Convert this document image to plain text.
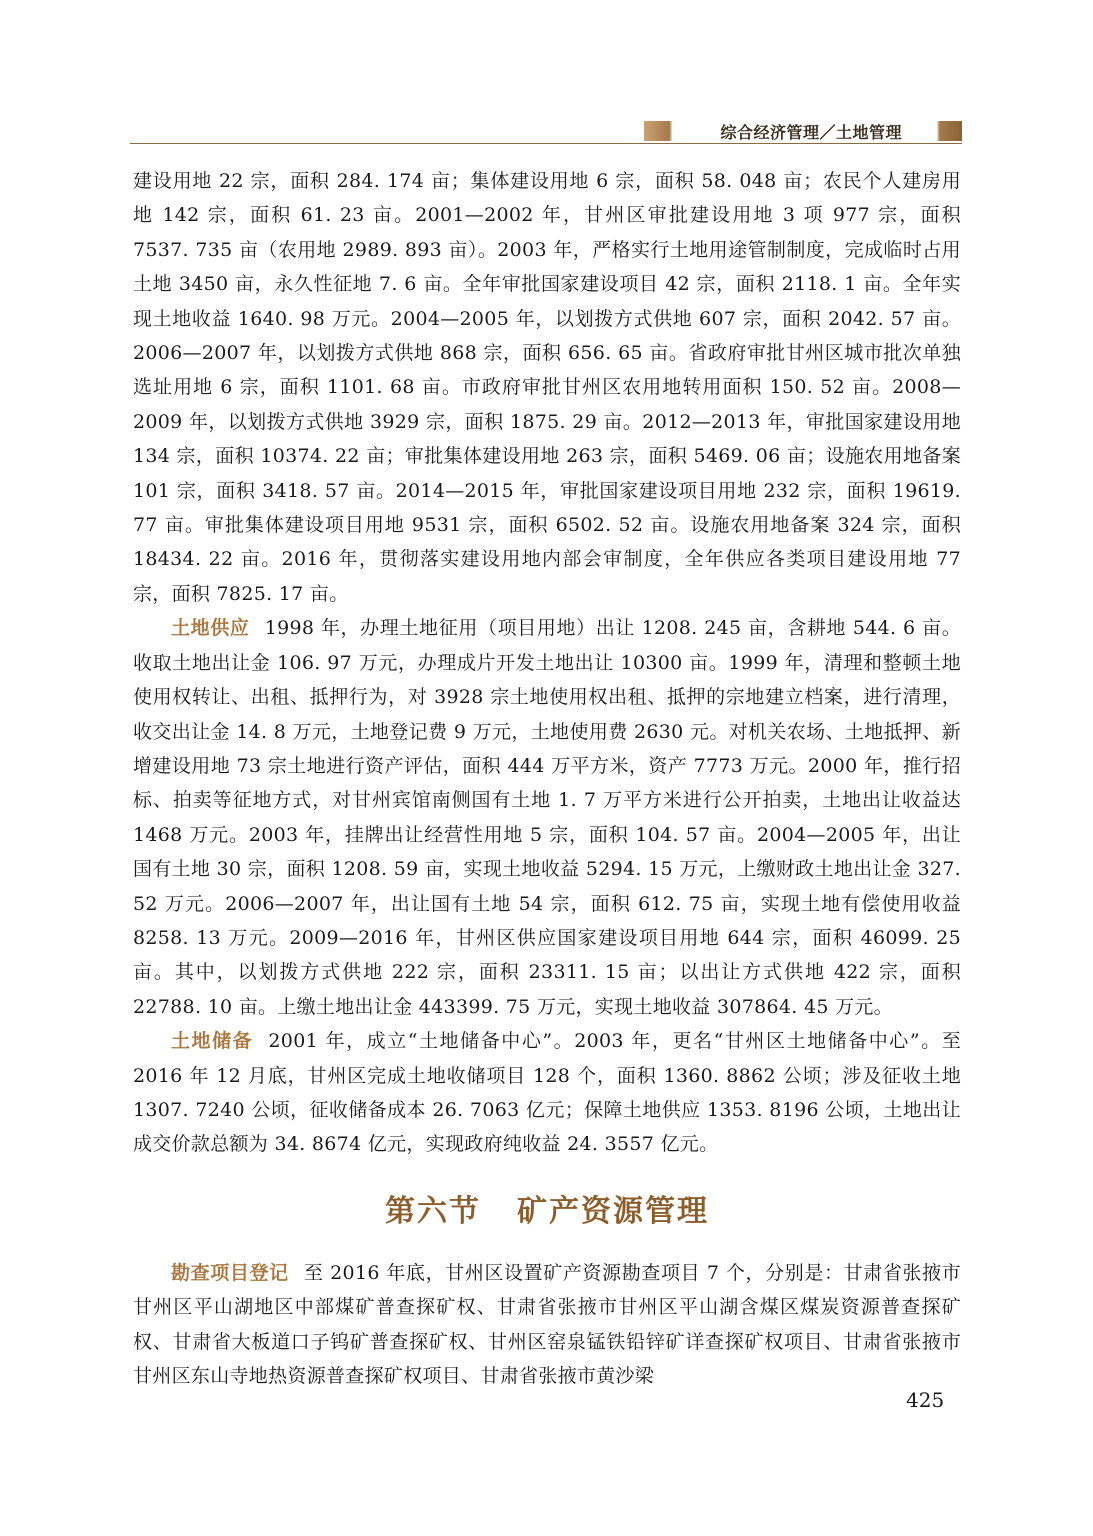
综合经济管理／土地管理

建设用地 22 宗，面积 284. 174 亩；集体建设用地 6 宗，面积 58. 048 亩；农民个人建房用地 142 宗，面积 61. 23 亩。2001—2002 年，甘州区审批建设用地 3 项 977 宗，面积 7537. 735 亩（农用地 2989. 893 亩）。2003 年，严格实行土地用途管制制度，完成临时占用土地 3450 亩，永久性征地 7. 6 亩。全年审批国家建设项目 42 宗，面积 2118. 1 亩。全年实现土地收益 1640. 98 万元。2004—2005 年，以划拨方式供地 607 宗，面积 2042. 57 亩。2006—2007 年，以划拨方式供地 868 宗，面积 656. 65 亩。省政府审批甘州区城市批次单独选址用地 6 宗，面积 1101. 68 亩。市政府审批甘州区农用地转用面积 150. 52 亩。2008—2009 年，以划拨方式供地 3929 宗，面积 1875. 29 亩。2012—2013 年，审批国家建设用地 134 宗，面积 10374. 22 亩；审批集体建设用地 263 宗，面积 5469. 06 亩；设施农用地备案 101 宗，面积 3418. 57 亩。2014—2015 年，审批国家建设项目用地 232 宗，面积 19619. 77 亩。审批集体建设项目用地 9531 宗，面积 6502. 52 亩。设施农用地备案 324 宗，面积 18434. 22 亩。2016 年，贯彻落实建设用地内部会审制度，全年供应各类项目建设用地 77 宗，面积 7825. 17 亩。

土地供应 1998 年，办理土地征用（项目用地）出让 1208. 245 亩，含耕地 544. 6 亩。收取土地出让金 106. 97 万元，办理成片开发土地出让 10300 亩。1999 年，清理和整顿土地使用权转让、出租、抵押行为，对 3928 宗土地使用权出租、抵押的宗地建立档案，进行清理，收交出让金 14. 8 万元，土地登记费 9 万元，土地使用费 2630 元。对机关农场、土地抵押、新增建设用地 73 宗土地进行资产评估，面积 444 万平方米，资产 7773 万元。2000 年，推行招标、拍卖等征地方式，对甘州宾馆南侧国有土地 1. 7 万平方米进行公开拍卖，土地出让收益达 1468 万元。2003 年，挂牌出让经营性用地 5 宗，面积 104. 57 亩。2004—2005 年，出让国有土地 30 宗，面积 1208. 59 亩，实现土地收益 5294. 15 万元，上缴财政土地出让金 327. 52 万元。2006—2007 年，出让国有土地 54 宗，面积 612. 75 亩，实现土地有偿使用收益 8258. 13 万元。2009—2016 年，甘州区供应国家建设项目用地 644 宗，面积 46099. 25 亩。其中，以划拨方式供地 222 宗，面积 23311. 15 亩；以出让方式供地 422 宗，面积 22788. 10 亩。上缴土地出让金 443399. 75 万元，实现土地收益 307864. 45 万元。

土地储备 2001 年，成立“土地储备中心”。2003 年，更名“甘州区土地储备中心”。至 2016 年 12 月底，甘州区完成土地收储项目 128 个，面积 1360. 8862 公顷；涉及征收土地 1307. 7240 公顷，征收储备成本 26. 7063 亿元；保障土地供应 1353. 8196 公顷，土地出让成交价款总额为 34. 8674 亿元，实现政府纯收益 24. 3557 亿元。

第六节 矿产资源管理

勘查项目登记 至 2016 年底，甘州区设置矿产资源勘查项目 7 个，分别是：甘肃省张掖市甘州区平山湖地区中部煤矿普查探矿权、甘肃省张掖市甘州区平山湖含煤区煤炭资源普查探矿权、甘肃省大板道口子钨矿普查探矿权、甘州区窑泉锰铁铅锌矿详查探矿权项目、甘肃省张掖市甘州区东山寺地热资源普查探矿权项目、甘肃省张掖市黄沙梁

425
